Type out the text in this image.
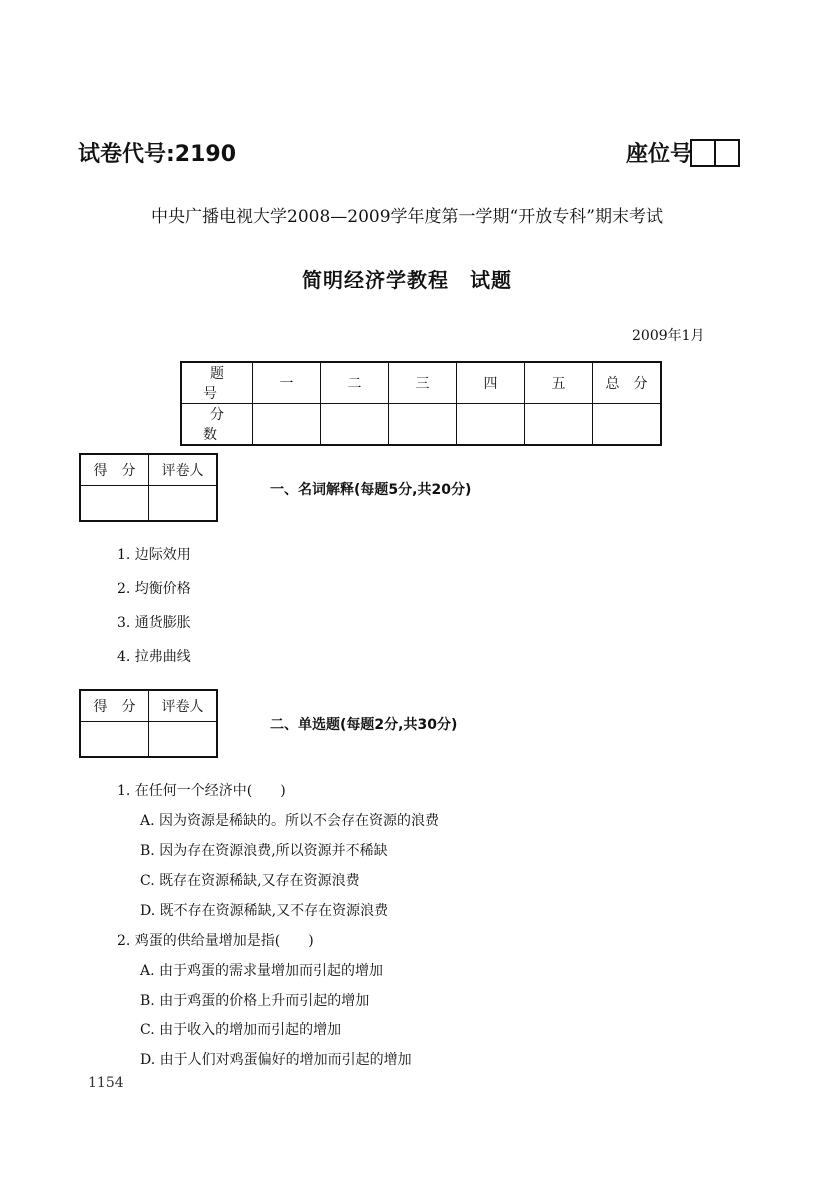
试卷代号:2190	座位号
中央广播电视大学2008—2009学年度第一学期“开放专科”期末考试
简明经济学教程　试题
2009年1月
题　号	一	二	三	四	五	总　分
分　数						
得　分	评卷人

一、名词解释(每题5分,共20分)
1. 边际效用
2. 均衡价格
3. 通货膨胀
4. 拉弗曲线
得　分	评卷人

二、单选题(每题2分,共30分)
1. 在任何一个经济中(　　)
A. 因为资源是稀缺的。所以不会存在资源的浪费
B. 因为存在资源浪费,所以资源并不稀缺
C. 既存在资源稀缺,又存在资源浪费
D. 既不存在资源稀缺,又不存在资源浪费
2. 鸡蛋的供给量增加是指(　　)
A. 由于鸡蛋的需求量增加而引起的增加
B. 由于鸡蛋的价格上升而引起的增加
C. 由于收入的增加而引起的增加
D. 由于人们对鸡蛋偏好的增加而引起的增加
1154
